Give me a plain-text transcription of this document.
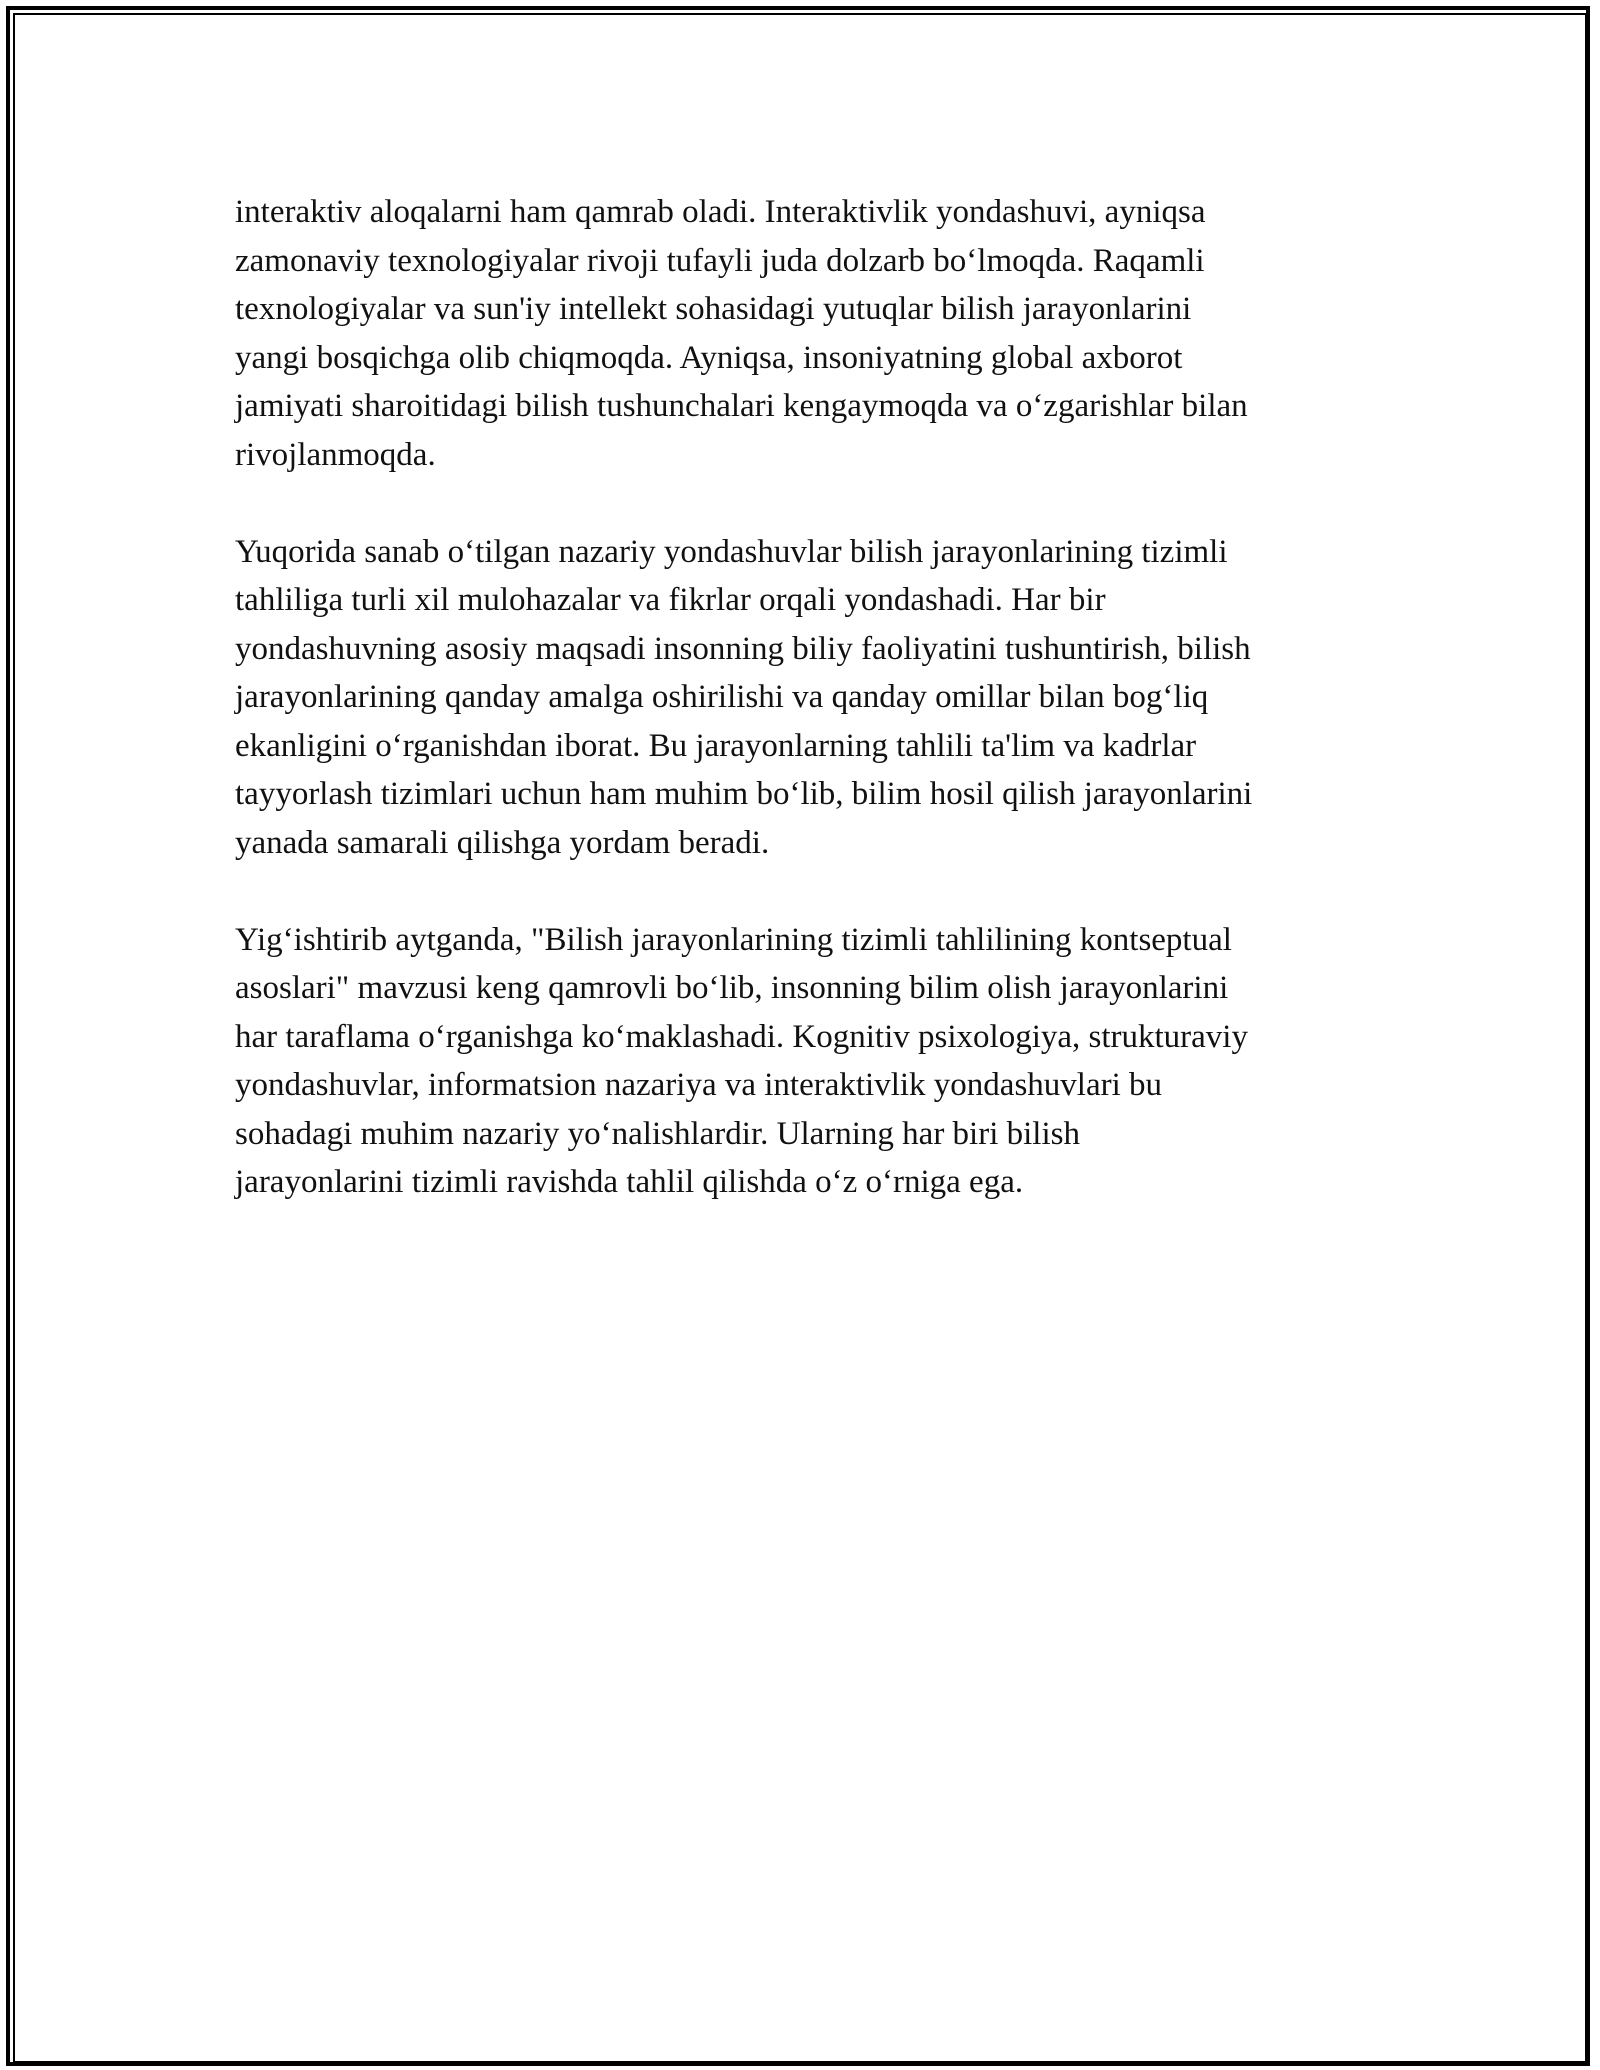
interaktiv aloqalarni ham qamrab oladi. Interaktivlik yondashuvi, ayniqsa
zamonaviy texnologiyalar rivoji tufayli juda dolzarb bo‘lmoqda. Raqamli
texnologiyalar va sun'iy intellekt sohasidagi yutuqlar bilish jarayonlarini
yangi bosqichga olib chiqmoqda. Ayniqsa, insoniyatning global axborot
jamiyati sharoitidagi bilish tushunchalari kengaymoqda va o‘zgarishlar bilan
rivojlanmoqda.

Yuqorida sanab o‘tilgan nazariy yondashuvlar bilish jarayonlarining tizimli
tahliliga turli xil mulohazalar va fikrlar orqali yondashadi. Har bir
yondashuvning asosiy maqsadi insonning biliy faoliyatini tushuntirish, bilish
jarayonlarining qanday amalga oshirilishi va qanday omillar bilan bog‘liq
ekanligini o‘rganishdan iborat. Bu jarayonlarning tahlili ta'lim va kadrlar
tayyorlash tizimlari uchun ham muhim bo‘lib, bilim hosil qilish jarayonlarini
yanada samarali qilishga yordam beradi.

Yig‘ishtirib aytganda, "Bilish jarayonlarining tizimli tahlilining kontseptual
asoslari" mavzusi keng qamrovli bo‘lib, insonning bilim olish jarayonlarini
har taraflama o‘rganishga ko‘maklashadi. Kognitiv psixologiya, strukturaviy
yondashuvlar, informatsion nazariya va interaktivlik yondashuvlari bu
sohadagi muhim nazariy yo‘nalishlardir. Ularning har biri bilish
jarayonlarini tizimli ravishda tahlil qilishda o‘z o‘rniga ega.
